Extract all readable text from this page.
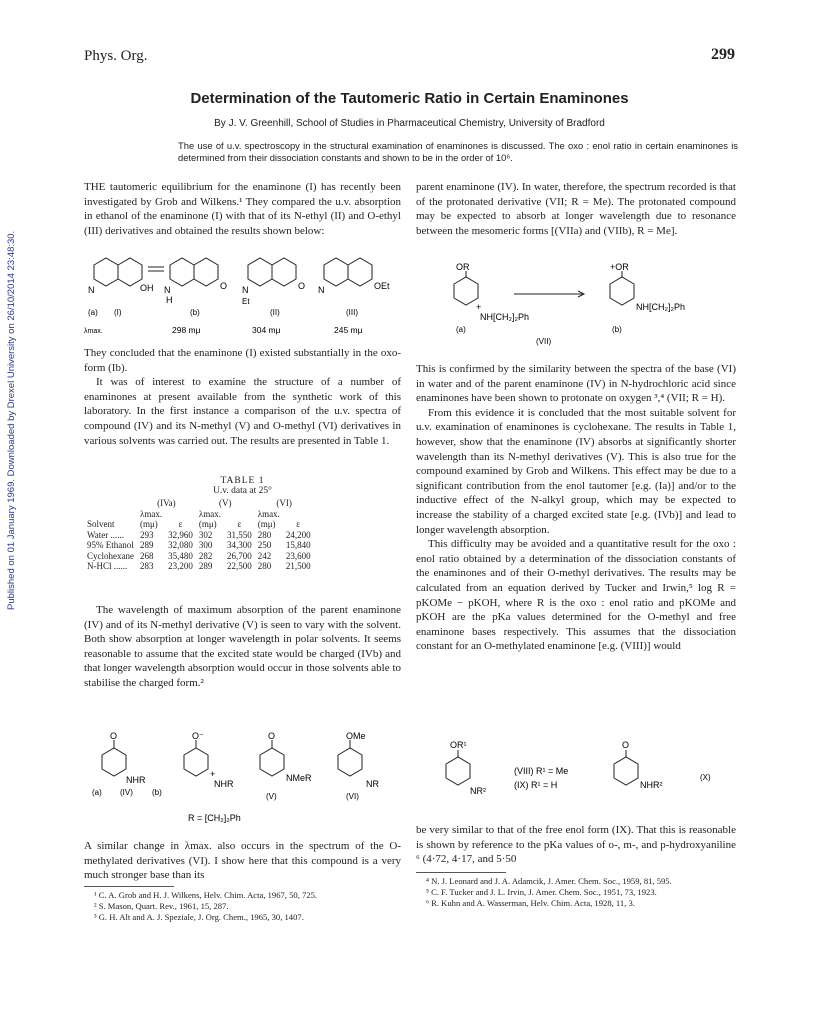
Phys. Org.	299
Determination of the Tautomeric Ratio in Certain Enaminones
By J. V. Greenhill, School of Studies in Pharmaceutical Chemistry, University of Bradford
The use of u.v. spectroscopy in the structural examination of enaminones is discussed. The oxo : enol ratio in certain enaminones is determined from their dissociation constants and shown to be in the order of 10⁶.
Published on 01 January 1969. Downloaded by Drexel University on 26/10/2014 23:48:30.

THE tautomeric equilibrium for the enaminone (I) has recently been investigated by Grob and Wilkens.¹ They compared the u.v. absorption in ethanol of the enaminone (I) with that of its N-ethyl (II) and O-ethyl (III) derivatives and obtained the results shown below:

N	OH N	O
H
N	O
Et
N	OEt
(a) (I)	(b)	(II)	(III)
λmax.	298 mμ	304 mμ	245 mμ

They concluded that the enaminone (I) existed substantially in the oxo-form (Ib).

It was of interest to examine the structure of a number of enaminones at present available from the synthetic work of this laboratory. In the first instance a comparison of the u.v. spectra of compound (IV) and its N-methyl (V) and O-methyl (VI) derivatives in various solvents was carried out. The results are presented in Table 1.

TABLE 1
U.v. data at 25°
	(IVa)		(V)		(VI)	
	λmax.		λmax.		λmax.	
Solvent	(mμ)	ε	(mμ)	ε	(mμ)	ε
Water ......	293	32,960	302	31,550	280	24,200
95% Ethanol	289	32,080	300	34,300	250	15,840
Cyclohexane	268	35,480	282	26,700	242	23,600
N-HCl ......	283	23,200	289	22,500	280	21,500

The wavelength of maximum absorption of the parent enaminone (IV) and of its N-methyl derivative (V) is seen to vary with the solvent. Both show absorption at longer wavelength in polar solvents. It seems reasonable to assume that the excited state would be charged (IVb) and that longer wavelength absorption would occur in those solvents able to stabilise the charged form.²

O
NHR
O⁻
+
NHR
O
NMeR
OMe
NR
(a) (IV) (b)	(V)	(VI)
R = [CH₂]₂Ph

A similar change in λmax. also occurs in the spectrum of the O-methylated derivatives (VI). I show here that this compound is a very much stronger base than its

¹ C. A. Grob and H. J. Wilkens, Helv. Chim. Acta, 1967, 50, 725.

² S. Mason, Quart. Rev., 1961, 15, 287.

³ G. H. Alt and A. J. Speziale, J. Org. Chem., 1965, 30, 1407.

parent enaminone (IV). In water, therefore, the spectrum recorded is that of the protonated derivative (VII; R = Me). The protonated compound may be expected to absorb at longer wavelength due to resonance between the mesomeric forms [(VIIa) and (VIIb), R = Me].

OR
+
NH[CH₂]₂Ph
+OR
NH[CH₂]₂Ph
(a)	(b)
(VII)

This is confirmed by the similarity between the spectra of the base (VI) in water and of the parent enaminone (IV) in N-hydrochloric acid since enaminones have been shown to protonate on oxygen ³,⁴ (VII; R = H).

From this evidence it is concluded that the most suitable solvent for u.v. examination of enaminones is cyclohexane. The results in Table 1, however, show that the enaminone (IV) absorbs at significantly shorter wavelength than its N-methyl derivatives (V). This is also true for the compound examined by Grob and Wilkens. This effect may be due to a significant contribution from the enol tautomer [e.g. (Ia)] and/or to the inductive effect of the N-alkyl group, which may be expected to increase the stability of a charged excited state [e.g. (IVb)] and lead to longer wavelength absorption.

This difficulty may be avoided and a quantitative result for the oxo : enol ratio obtained by a determination of the dissociation constants of the enaminones and of their O-methyl derivatives. The results may be calculated from an equation derived by Tucker and Irwin,⁵ log R = pKOMe − pKOH, where R is the oxo : enol ratio and pKOMe and pKOH are the pKa values determined for the O-methyl and free enaminone bases respectively. This assumes that the dissociation constant for an O-methylated enaminone [e.g. (VIII)] would

OR¹
NR²
(VIII) R¹ = Me
(IX) R¹ = H
O
NHR²
(X)

be very similar to that of the free enol form (IX). That this is reasonable is shown by reference to the pKa values of o-, m-, and p-hydroxyaniline ⁶ (4·72, 4·17, and 5·50

⁴ N. J. Leonard and J. A. Adamcik, J. Amer. Chem. Soc., 1959, 81, 595.

⁵ C. F. Tucker and J. L. Irvin, J. Amer. Chem. Soc., 1951, 73, 1923.

⁶ R. Kuhn and A. Wasserman, Helv. Chim. Acta, 1928, 11, 3.
